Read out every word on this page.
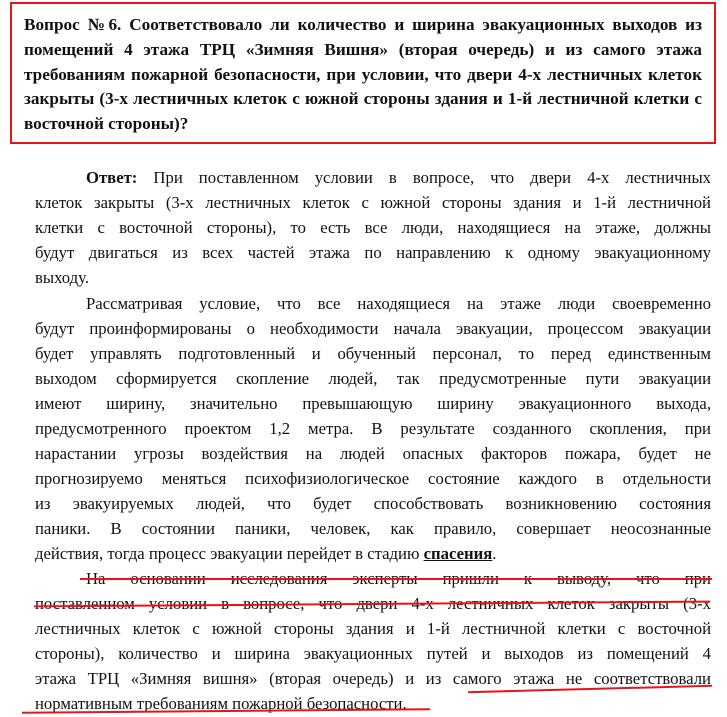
Вопрос №6. Соответствовало ли количество и ширина эвакуационных выходов из помещений 4 этажа ТРЦ «Зимняя Вишня» (вторая очередь) и из самого этажа требованиям пожарной безопасности, при условии, что двери 4-х лестничных клеток закрыты (3-х лестничных клеток с южной стороны здания и 1-й лестничной клетки с восточной стороны)?

Ответ: При поставленном условии в вопросе, что двери 4-х лестничных
клеток закрыты (3-х лестничных клеток с южной стороны здания и 1-й лестничной
клетки с восточной стороны), то есть все люди, находящиеся на этаже, должны
будут двигаться из всех частей этажа по направлению к одному эвакуационному
выходу.
Рассматривая условие, что все находящиеся на этаже люди своевременно
будут проинформированы о необходимости начала эвакуации, процессом эвакуации
будет управлять подготовленный и обученный персонал, то перед единственным
выходом сформируется скопление людей, так предусмотренные пути эвакуации
имеют ширину, значительно превышающую ширину эвакуационного выхода,
предусмотренного проектом 1,2 метра. В результате созданного скопления, при
нарастании угрозы воздействия на людей опасных факторов пожара, будет не
прогнозируемо меняться психофизиологическое состояние каждого в отдельности
из эвакуируемых людей, что будет способствовать возникновению состояния
паники. В состоянии паники, человек, как правило, совершает неосознанные
действия, тогда процесс эвакуации перейдет в стадию спасения.
На основании исследования эксперты пришли к выводу, что при
поставленном условии в вопросе, что двери 4-х лестничных клеток закрыты (3-х
лестничных клеток с южной стороны здания и 1-й лестничной клетки с восточной
стороны), количество и ширина эвакуационных путей и выходов из помещений 4
этажа ТРЦ «Зимняя вишня» (вторая очередь) и из самого этажа не соответствовали
нормативным требованиям пожарной безопасности.
